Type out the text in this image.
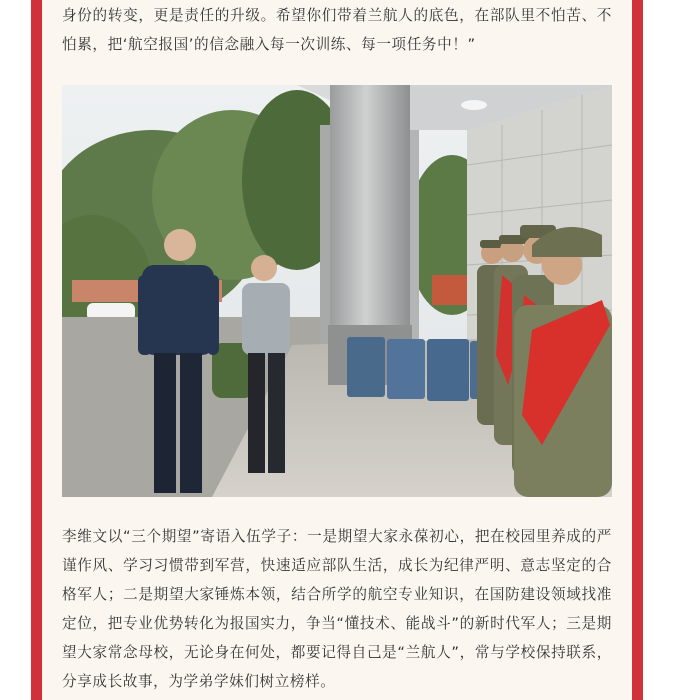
身份的转变，更是责任的升级。希望你们带着兰航人的底色，在部队里不怕苦、不怕累，把‘航空报国’的信念融入每一次训练、每一项任务中！”

李维文以“三个期望”寄语入伍学子：一是期望大家永葆初心，把在校园里养成的严谨作风、学习习惯带到军营，快速适应部队生活，成长为纪律严明、意志坚定的合格军人；二是期望大家锤炼本领，结合所学的航空专业知识，在国防建设领域找准定位，把专业优势转化为报国实力，争当“懂技术、能战斗”的新时代军人；三是期望大家常念母校，无论身在何处，都要记得自己是“兰航人”，常与学校保持联系，分享成长故事，为学弟学妹们树立榜样。
